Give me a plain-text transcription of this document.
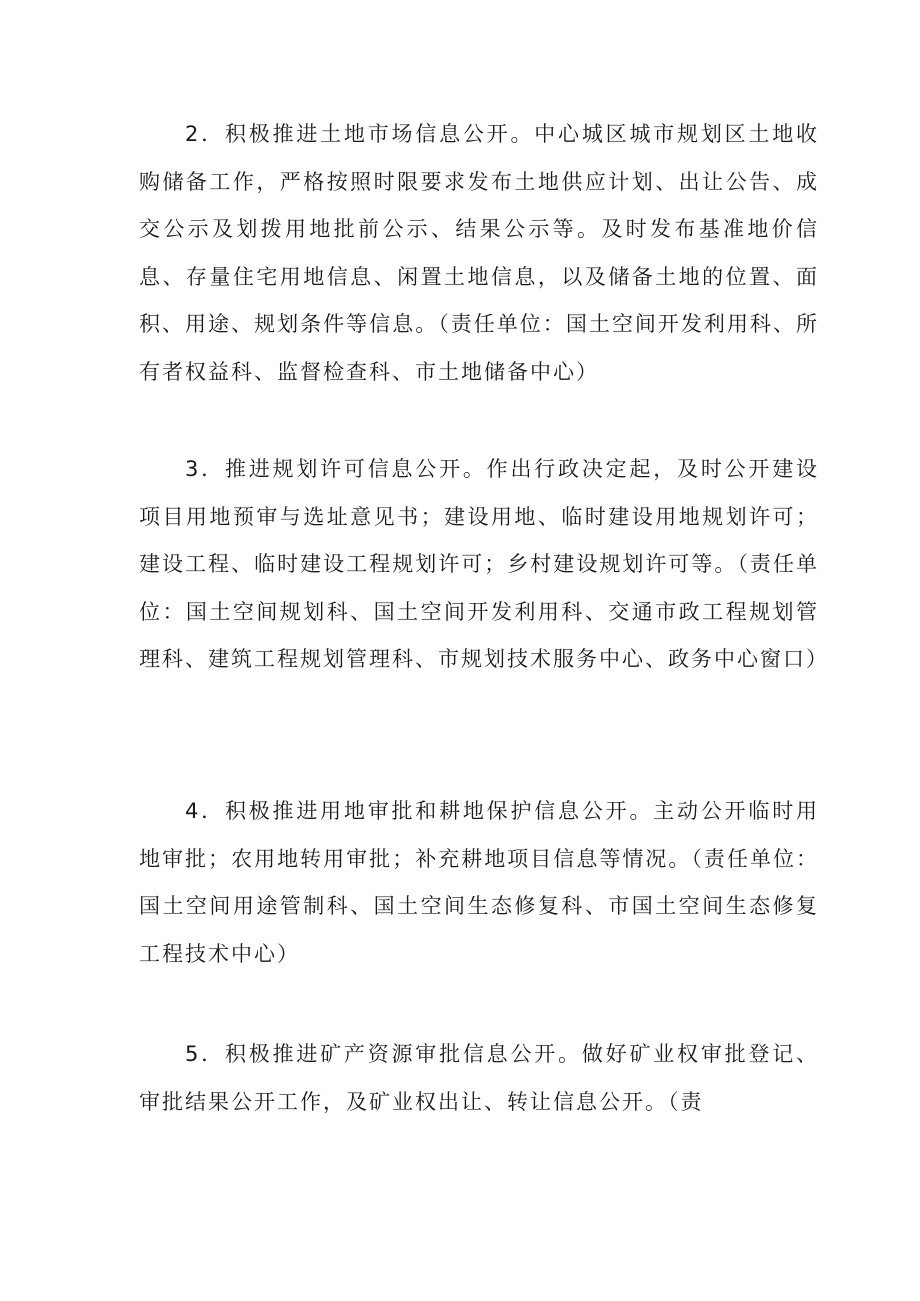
2．积极推进土地市场信息公开。中心城区城市规划区土地收购储备工作，严格按照时限要求发布土地供应计划、出让公告、成交公示及划拨用地批前公示、结果公示等。及时发布基准地价信息、存量住宅用地信息、闲置土地信息，以及储备土地的位置、面积、用途、规划条件等信息。（责任单位：国土空间开发利用科、所有者权益科、监督检查科、市土地储备中心）

3．推进规划许可信息公开。作出行政决定起，及时公开建设项目用地预审与选址意见书；建设用地、临时建设用地规划许可；建设工程、临时建设工程规划许可；乡村建设规划许可等。（责任单位：国土空间规划科、国土空间开发利用科、交通市政工程规划管理科、建筑工程规划管理科、市规划技术服务中心、政务中心窗口）

4．积极推进用地审批和耕地保护信息公开。主动公开临时用地审批；农用地转用审批；补充耕地项目信息等情况。（责任单位：国土空间用途管制科、国土空间生态修复科、市国土空间生态修复工程技术中心）

5．积极推进矿产资源审批信息公开。做好矿业权审批登记、审批结果公开工作，及矿业权出让、转让信息公开。（责
